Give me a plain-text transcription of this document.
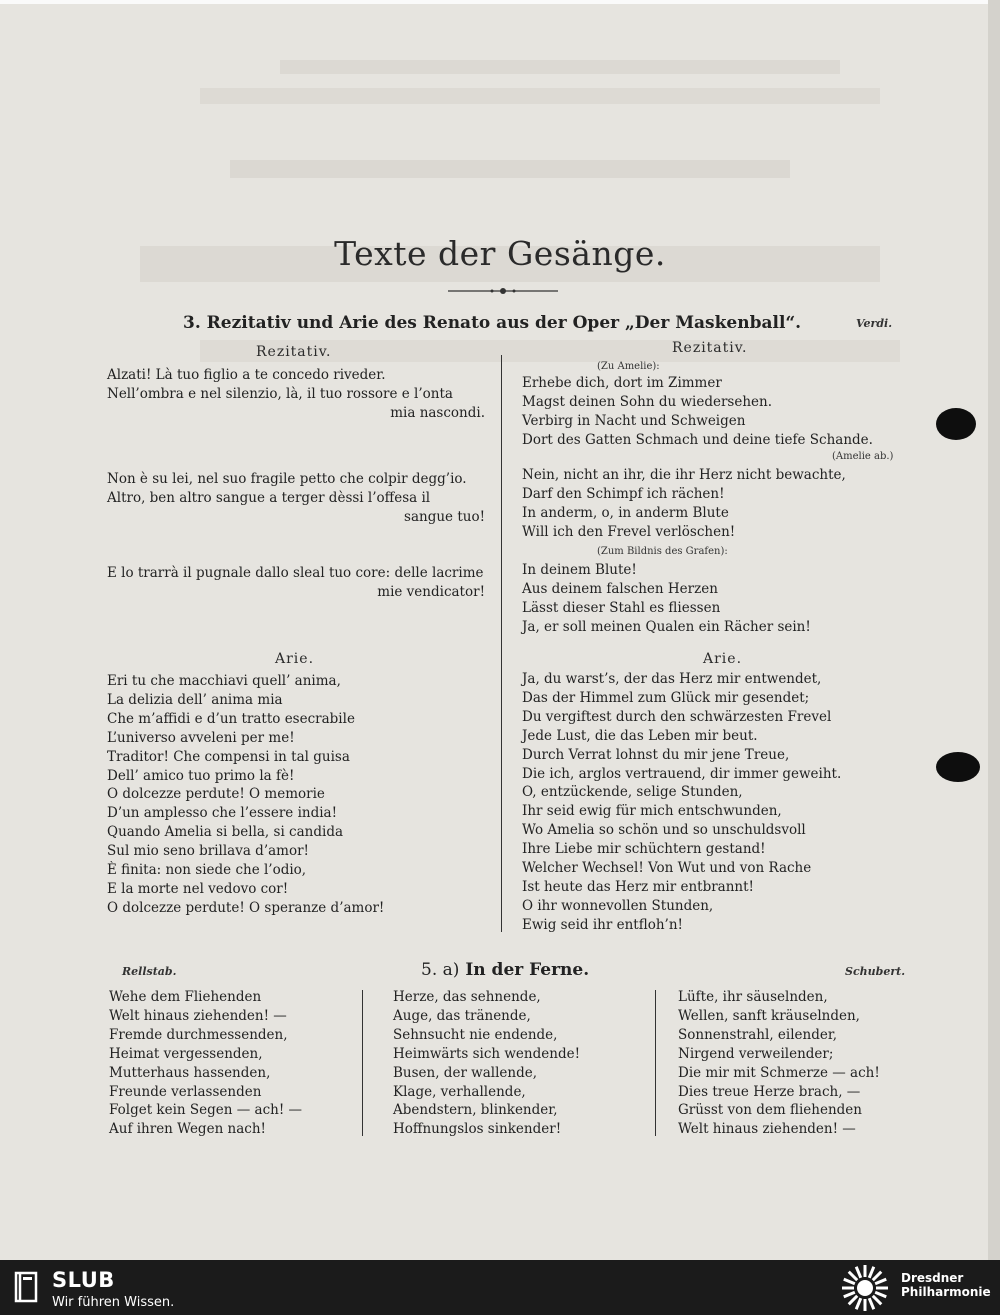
Texte der Gesänge.
3. Rezitativ und Arie des Renato aus der Oper „Der Maskenball“.	Verdi.
Rezitativ.
Alzati! Là tuo figlio a te concedo riveder.
Nell’ombra e nel silenzio, là, il tuo rossore e l’onta
mia nascondi.
Non è su lei, nel suo fragile petto che colpir degg’io.
Altro, ben altro sangue a terger dèssi l’offesa il
sangue tuo!
E lo trarrà il pugnale dallo sleal tuo core: delle lacrime
mie vendicator!
Arie.
Eri tu che macchiavi quell’ anima,
La delizia dell’ anima mia
Che m’affidi e d’un tratto esecrabile
L’universo avveleni per me!
Traditor! Che compensi in tal guisa
Dell’ amico tuo primo la fè!
O dolcezze perdute! O memorie
D’un amplesso che l’essere india!
Quando Amelia si bella, si candida
Sul mio seno brillava d’amor!
È finita: non siede che l’odio,
E la morte nel vedovo cor!
O dolcezze perdute! O speranze d’amor!
Rezitativ.
(Zu Amelie):
Erhebe dich, dort im Zimmer
Magst deinen Sohn du wiedersehen.
Verbirg in Nacht und Schweigen
Dort des Gatten Schmach und deine tiefe Schande.
(Amelie ab.)
Nein, nicht an ihr, die ihr Herz nicht bewachte,
Darf den Schimpf ich rächen!
In anderm, o, in anderm Blute
Will ich den Frevel verlöschen!
(Zum Bildnis des Grafen):
In deinem Blute!
Aus deinem falschen Herzen
Lässt dieser Stahl es fliessen
Ja, er soll meinen Qualen ein Rächer sein!
Arie.
Ja, du warst’s, der das Herz mir entwendet,
Das der Himmel zum Glück mir gesendet;
Du vergiftest durch den schwärzesten Frevel
Jede Lust, die das Leben mir beut.
Durch Verrat lohnst du mir jene Treue,
Die ich, arglos vertrauend, dir immer geweiht.
O, entzückende, selige Stunden,
Ihr seid ewig für mich entschwunden,
Wo Amelia so schön und so unschuldsvoll
Ihre Liebe mir schüchtern gestand!
Welcher Wechsel! Von Wut und von Rache
Ist heute das Herz mir entbrannt!
O ihr wonnevollen Stunden,
Ewig seid ihr entfloh’n!
Rellstab.	5. a) In der Ferne.	Schubert.
Wehe dem Fliehenden
Welt hinaus ziehenden! —
Fremde durchmessenden,
Heimat vergessenden,
Mutterhaus hassenden,
Freunde verlassenden
Folget kein Segen — ach! —
Auf ihren Wegen nach!
Herze, das sehnende,
Auge, das tränende,
Sehnsucht nie endende,
Heimwärts sich wendende!
Busen, der wallende,
Klage, verhallende,
Abendstern, blinkender,
Hoffnungslos sinkender!
Lüfte, ihr säuselnden,
Wellen, sanft kräuselnden,
Sonnenstrahl, eilender,
Nirgend verweilender;
Die mir mit Schmerze — ach!
Dies treue Herze brach, —
Grüsst von dem fliehenden
Welt hinaus ziehenden! —
SLUB
Wir führen Wissen.
Dresdner
Philharmonie
